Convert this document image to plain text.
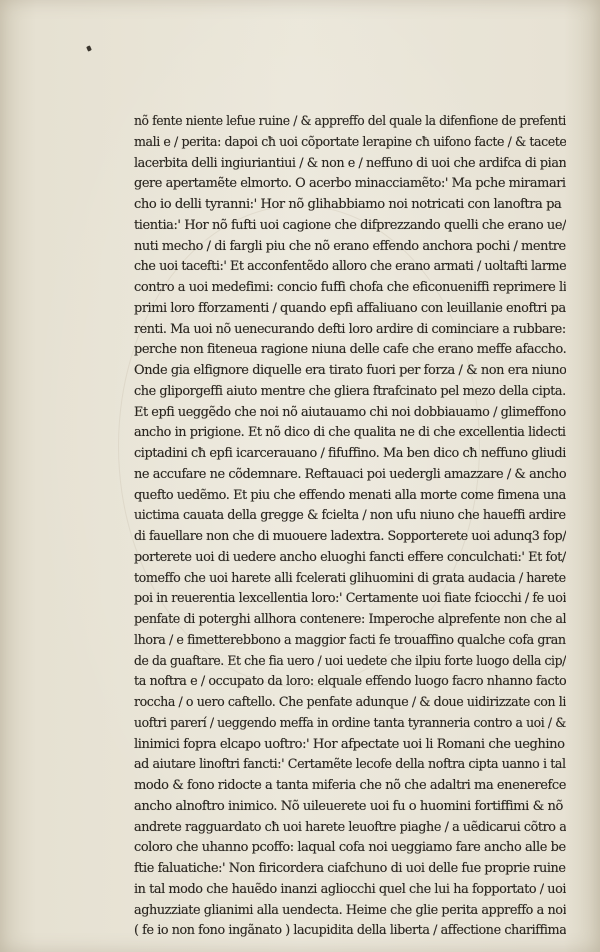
nõ fente niente lefue ruine / & appreffo del quale la difenfione de prefenti
mali e / perita: dapoi cħ uoi cõportate lerapine cħ uifono facte / & tacete
lacerbita delli ingiuriantiui / & non e / neffuno di uoi che ardifca di pian
gere apertamẽte elmorto. O acerbo minacciamẽto:' Ma pche miramari
cho io delli tyranni:' Hor nõ glihabbiamo noi notricati con lanoftra pa
tientia:' Hor nõ fufti uoi cagione che difprezzando quelli che erano ue/
nuti mecho / di fargli piu che nõ erano effendo anchora pochi / mentre
che uoi tacefti:' Et acconfentẽdo alloro che erano armati / uoltafti larme
contro a uoi medefimi: concio fuffi chofa che eficonueniffi reprimere li
primi loro fforzamenti / quando epfi affaliuano con leuillanie enoftri pa
renti. Ma uoi nõ uenecurando defti loro ardire di cominciare a rubbare:
perche non fiteneua ragione niuna delle cafe che erano meffe afaccho.
Onde gia elfignore diquelle era tirato fuori per forza / & non era niuno
che gliporgeffi aiuto mentre che gliera ftrafcinato pel mezo della cipta.
Et epfi ueggẽdo che noi nõ aiutauamo chi noi dobbiauamo / glimeffono
ancho in prigione. Et nõ dico di che qualita ne di che excellentia lidecti
ciptadini cħ epfi icarcerauano / fifuffino. Ma ben dico cħ neffuno gliudi
ne accufare ne cõdemnare. Reftauaci poi uedergli amazzare / & ancho
quefto uedẽmo. Et piu che effendo menati alla morte come fimena una
uictima cauata della gregge & fcielta / non ufu niuno che haueffi ardire
di fauellare non che di muouere ladextra. Sopporterete uoi adunq3 fop/
porterete uoi di uedere ancho eluoghi fancti effere conculchati:' Et fot/
tomeffo che uoi harete alli fcelerati glihuomini di grata audacia / harete
poi in reuerentia lexcellentia loro:' Certamente uoi fiate fciocchi / fe uoi
penfate di poterghi allhora contenere: Imperoche alprefente non che al
lhora / e fimetterebbono a maggior facti fe trouaffino qualche cofa gran
de da guaftare. Et che fia uero / uoi uedete che ilpiu forte luogo della cip/
ta noftra e / occupato da loro: elquale effendo luogo facro nhanno facto
roccha / o uero caftello. Che penfate adunque / & doue uidirizzate con li
uoftri parerí / ueggendo meffa in ordine tanta tyranneria contro a uoi / &
linimici fopra elcapo uoftro:' Hor afpectate uoi li Romani che ueghino
ad aiutare linoftri fancti:' Certamẽte lecofe della noftra cipta uanno i tal
modo & fono ridocte a tanta miferia che nõ che adaltri ma enenerefce
ancho alnoftro inimico. Nõ uileuerete uoi fu o huomini fortiffimi & nõ
andrete ragguardato cħ uoi harete leuoftre piaghe / a uẽdicarui cõtro a
coloro che uhanno pcoffo: laqual cofa noi ueggiamo fare ancho alle be
ftie faluatiche:' Non firicordera ciafchuno di uoi delle fue proprie ruine
in tal modo che hauẽdo inanzi agliocchi quel che lui ha fopportato / uoi
aghuzziate glianimi alla uendecta. Heime che glie perita appreffo a noi
( fe io non fono ingãnato ) lacupidita della liberta / affectione chariffima
